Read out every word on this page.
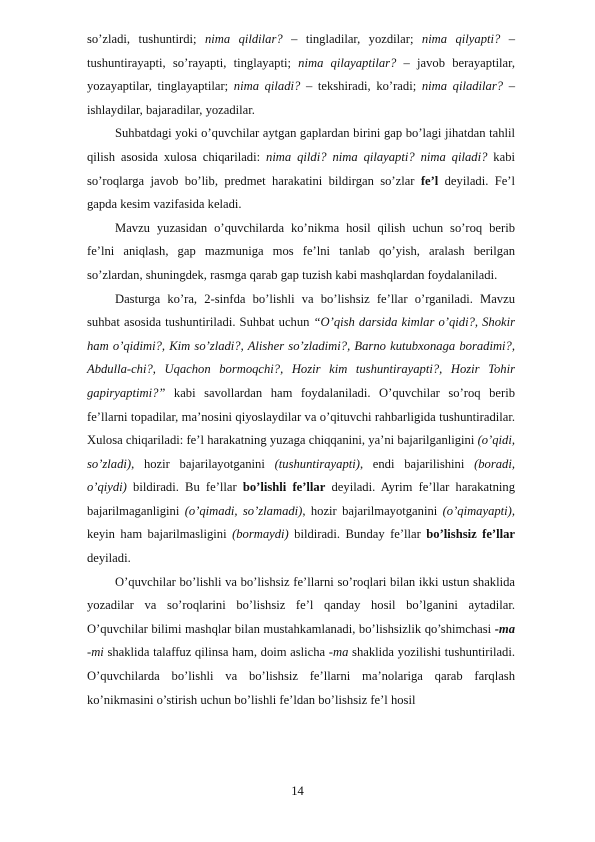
so’zladi, tushuntirdi; nima qildilar? – tingladilar, yozdilar; nima qilyapti? – tushuntirayapti, so’rayapti, tinglayapti; nima qilayaptilar? – javob berayaptilar, yozayaptilar, tinglayaptilar; nima qiladi? – tekshiradi, ko’radi; nima qiladilar? – ishlaydilar, bajaradilar, yozadilar.

Suhbatdagi yoki o’quvchilar aytgan gaplardan birini gap bo’lagi jihatdan tahlil qilish asosida xulosa chiqariladi: nima qildi? nima qilayapti? nima qiladi? kabi so’roqlarga javob bo’lib, predmet harakatini bildirgan so’zlar fe’l deyiladi. Fe’l gapda kesim vazifasida keladi.

Mavzu yuzasidan o’quvchilarda ko’nikma hosil qilish uchun so’roq berib fe’lni aniqlash, gap mazmuniga mos fe’lni tanlab qo’yish, aralash berilgan so’zlardan, shuningdek, rasmga qarab gap tuzish kabi mashqlardan foydalaniladi.

Dasturga ko’ra, 2-sinfda bo’lishli va bo’lishsiz fe’llar o’rganiladi. Mavzu suhbat asosida tushuntiriladi. Suhbat uchun “O’qish darsida kimlar o’qidi?, Shokir ham o’qidimi?, Kim so’zladi?, Alisher so’zladimi?, Barno kutubxonaga boradimi?, Abdulla-chi?, Uqachon bormoqchi?, Hozir kim tushuntirayapti?, Hozir Tohir gapiryaptimi?” kabi savollardan ham foydalaniladi. O’quvchilar so’roq berib fe’llarni topadilar, ma’nosini qiyoslaydilar va o’qituvchi rahbarligida tushuntiradilar. Xulosa chiqariladi: fe’l harakatning yuzaga chiqqanini, ya’ni bajarilganligini (o’qidi, so’zladi), hozir bajarilayotganini (tushuntirayapti), endi bajarilishini (boradi, o’qiydi) bildiradi. Bu fe’llar bo’lishli fe’llar deyiladi. Ayrim fe’llar harakatning bajarilmaganligini (o’qimadi, so’zlamadi), hozir bajarilmayotganini (o’qimayapti), keyin ham bajarilmasligini (bormaydi) bildiradi. Bunday fe’llar bo’lishsiz fe’llar deyiladi.

O’quvchilar bo’lishli va bo’lishsiz fe’llarni so’roqlari bilan ikki ustun shaklida yozadilar va so’roqlarini bo’lishsiz fe’l qanday hosil bo’lganini aytadilar. O’quvchilar bilimi mashqlar bilan mustahkamlanadi, bo’lishsizlik qo’shimchasi -ma -mi shaklida talaffuz qilinsa ham, doim aslicha -ma shaklida yozilishi tushuntiriladi. O’quvchilarda bo’lishli va bo’lishsiz fe’llarni ma’nolariga qarab farqlash ko’nikmasini o’stirish uchun bo’lishli fe’ldan bo’lishsiz fe’l hosil

14
